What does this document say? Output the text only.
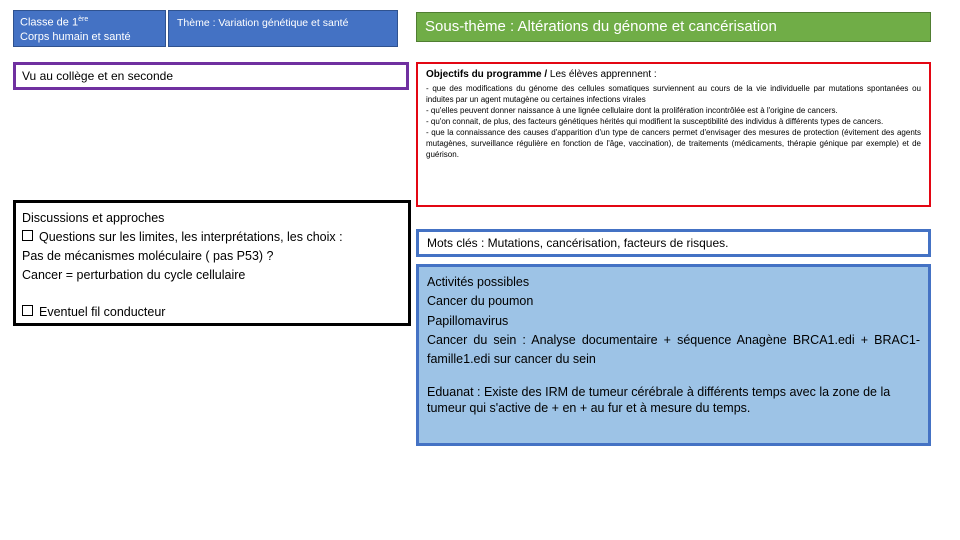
Classe de 1ère
Corps humain et santé
Thème : Variation génétique et santé	Sous-thème : Altérations du génome et cancérisation
Vu au collège et en seconde	Objectifs du programme / Les élèves apprennent :

- que des modifications du génome des cellules somatiques surviennent au cours de la vie individuelle par mutations spontanées ou induites par un agent mutagène ou certaines infections virales

- qu'elles peuvent donner naissance à une lignée cellulaire dont la prolifération incontrôlée est à l'origine de cancers.

- qu'on connait, de plus, des facteurs génétiques hérités qui modifient la susceptibilité des individus à différents types de cancers.

- que la connaissance des causes d'apparition d'un type de cancers permet d'envisager des mesures de protection (évitement des agents mutagènes, surveillance régulière en fonction de l'âge, vaccination), de traitements (médicaments, thérapie génique par exemple) et de guérison.

Discussions et approches
Questions sur les limites, les interprétations, les choix :
Pas de mécanismes moléculaire ( pas P53) ?
Cancer = perturbation du cycle cellulaire
Eventuel fil conducteur
Mots clés : Mutations, cancérisation, facteurs de risques.

Activités possibles

Cancer du poumon

Papillomavirus

Cancer du sein : Analyse documentaire + séquence Anagène BRCA1.edi + BRAC1-famille1.edi sur cancer du sein

Eduanat : Existe des IRM de tumeur cérébrale à différents temps avec la zone de la tumeur qui s'active de + en + au fur et à mesure du temps.
